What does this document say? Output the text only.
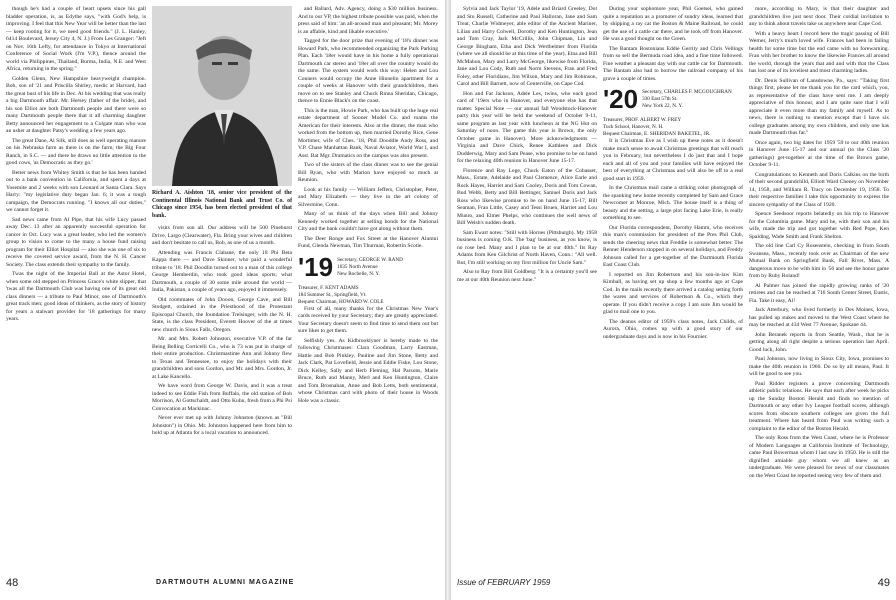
though he's had a couple of heart upsets since his gall bladder operation, is, as Edythe says, "with God's help, is improving. I feel that this New Year will be better than the last — keep rooting for it, we need good friends." (J. L. Hanley, 6414 Boulevard, Jersey City 4, N. J.) From Les Granger: "Jeft on Nov. 16th Lefty, for attendance in Tokyo at International Conference of Social Work (I'm V.P.), thence around the world via Philippines, Thailand, Burma, India, N.E. and West Africa, returning in the spring."

Golden Glenn, New Hampshire heavyweight champion. Bob, son of '21 and Priscilla Shirley, medic at Harvard, had the great bust of his life in Dec. At his wedding that was really a big Dartmouth affair. Mr. Hersey (father of the bride), and his son Elliot are both Dartmouth people and there were so many Dartmouth people there that it all charming daughter Betty announced her engagement to a Colgate man who was an usher at daughter Patsy's wedding a few years ago.

The great Dane, Al Silk, still does as well operating manure on his Nebraska farm as there is on the farm, the Big Four Ranch, in S.C. — and there he draws no little attention to the good cows, 'as Democratic as they go.'

Better news from Whitey Smith is that he has been handed out to a bank convention in California, and spent a days at Yosemite and 2 weeks with son Leonard at Santa Clara. Says Harry: "my legislative duty began Jan. 6; it was a tough campaign, the Democrats running. "I knows all our duties," we cannot forget it.

Sad news came from Al Pipe, that his wife Lucy passed away Dec. 13 after an apparently successful operation for cancer in Oct. Lucy was a great leader, who led the women's group to vision to come to the many a house fund raising program for their Elliot Hospital — also she was one of six to receive the coveted service award, from the N. H. Cancer Society. The class extends their sympathy to the family.

Twas the night of the Imperial Ball at the Astor Hotel, when some old stepped on Princess Grace's white slipper, that 'twas all the Dartmouth Club was having one of its great old class dinners — a tribute to Paul Minor, one of Dartmouth's great track men; good ideas of thinkers, as the story of history for years a stalwart provider for '18 gatherings for many years.

Richard A. Aishton '18, senior vice president of the Continental Illinois National Bank and Trust Co. of Chicago since 1954, has been elected president of that bank.

visits from son all. Our address will be 500 Pinehurst Drive, Largo (Clearwater), Fla. Bring your wives and children and don't besitate to call us, Bob, as one of us a month.

Attending was Francis Clahane, the only 18 Phi Beta Kappa there — and Dave Skinner, who paid a wonderful tribute to '18. Phil Doodlin turned out to a man of this college George Hemberdin, who took good ideas sports; what Dartmouth, a couple of 30 some mile around the world — India, Pakistan, a couple of years ago, enjoyed it immensely.

Old roommates of John Dooon, George Cave, and Bill Stodgett, ordained in the Priesthood of the Protestant Episcopal Church, the foundation Trelsinger, with the N. H. State, is the class President, Everett Hoover of the at times new church in Sioux Falls, Oregon.

Mr. and Mrs. Robert Johnston, executive V.P. of the far Being Belling Corticelli Co., who is 73 was put in charge of their entire production. Christmastime Ann and Johnny flew to Texas and Tennessee, to enjoy the holidays with their grandchildren and sons Gordon, and Mr. and Mrs. Gordon, Jr. at Lake Kancello.

We have word from George W. Davis, and it was a treat indeed to see Eddie Fish from Buffalo, the old station of Bob Morrison, Al Gottschaldt, and Otto Kuhn, fresh from a Phi Psi Convocation at Mackinac.

Never ever met up with Johnny Johnston (known as "Bill Johnston") in Ohio. Mr. Johnston happened here from him to hold up at Atlanta for a local vacation to announced.

and Ballard, Adv. Agency, doing a $30 million business. And to our VP, the highest tribute possible was paid, when the press said of him: 'an all-around man and pleasant; Mr. Morey is an affable, kind and likable executive.'

Tagged for the door prize that evening of '18's dinner was Howard Park, who recommended organizing the Park Parking Plan. Each '18er would have in his home a fully operational Dartmouth car stereo and '18er all over the country would do the same. The system would work this way: Helen and Lou Conners would occupy the Anne Hinnelin apartment for a couple of weeks at Hanover with their grandchildren, then move on to see Stanley and Chuck Rinna Sheridan, Chicago, thence to Ennie Black's on the coast.

This is the man, Howie Park, who has built up the huge real estate department of Sooner Model Co. and roams the American for their interests. Also at the dinner, the man who worked from the bottom up, then married Dorothy Rice, Gene Mortimer, wife of Ches. '18, Phil Dooddle Andy Ross, and V.P. Chase Manhattan Bank, Naval Aviator, World War I, and Asst. Bat Mgr. Dramatics on the campus was also present.

Two of the sisters of the class dinner was to see the genial Bill Ryan, who with Marion have enjoyed so much at Reunion.

Look at his family — William Jeffers, Christopher, Peter, and Mary Elizabeth — they live in the art colony of Silvermine, Conn.

Many of us think of the days when Bill and Johnny Kennedy worked together at selling bonds for the National City and the bank couldn't have got along without them.

The Deer Ronge and Fox Street at the Hanover Alumni Fund, Glenda Newman, Tim Thurman, Robertin Scotie.

'19 Secretary, GEORGE W. RAND
1035 North Avenue
New Rochelle, N. Y.
Treasurer, F. KENT ADAMS
184 Summer St., Springfield, Vt.
Bequest Chairman, HOWARD W. COLE

First of all, many thanks for the Christmas New Year's cards received by your Secretary; they are greatly appreciated. Your Secretary doesn't seem to find time to send them out but sure likes to get them.

Selfishly yes. As Kidbrooklyner is hereby made to the following Christmases: Clara Goodman, Larry Eastman, Hattie and Bob Pinkley, Pauline and Jim Stone, Betty and Jack Clark, Pat Lovefield, Jessie and Eddie Fiske, Lou Stone, Dick Kelley, Sally and Herb Fleming, Hal Parsons, Marie Bruce, Ruth and Manny, Merl and Ken Huntington, Claire and Tom Brosnahan, Anne and Bob Letts, both sentimental, whose Christmas card with photo of their house in Woods Hole was a classic.

48	DARTMOUTH ALUMNI MAGAZINE

Sylvia and Jack Taylor '19, Adele and Briard Greeley, Dot and Stu Russell, Catherine and Paul Halloran, Jane and Sam Treat, Charlie Widmeyer, able editor of the Ancient Mariner, Lilian and Harry Colwell, Dorothy and Ken Huntington, Jean and Tom Cray, Jack McCrillis, John Chipman, Lin and George Bingham, Etha and Dick Werthelmer from Florida (where we all should be at this time of the year), Etna and Bill McMahon, Mary and Larry McGeorge, likewise from Florida, Jane and Lou Cody, Ruth and Norm Stevens, Fran and Fred Foley, other Floridians, Jim Wilson, Mary and Jim Robinson, Carol and Bill Barnett, now of Centerville, on Cape Cod.

Hon and Fat Jackson, Adele Les, twins, who each good card of '19ers who in Hanover, and everyone else has that matter. Special Note — our annual fall Woodstock-Hanover party this year will be held the weekend of October 9-11, same program as last year with luncheon at the NG Hut on Saturday of noon. The game this year is Brown, the only October game in Hanover). More acknowledgments — Virginia and Dave Chick, Renee Kathleen and Dick Dudderwig, Mary and Sam Pease, who promise to be on hand for the relaxing 40th reunion in Hanover June 15-17.

Florence and Ray Lege, Chuck Eaton of the Cobasset, Mass., Estate, Adelaide and Paul Clemence, Alice Earle and Rock Hayes, Harriet and Sam Cooley, Doris and Tom Cowan, Bud Webb, Betty and Bill Bettinger, Samuel Doris and Jack Ross who likewise promise to be on hand June 15-17, Bill Seaman, Fran Little, Casey and Tessi Bruen, Harriet and Lou Munro, and Elmer Phelps, who continues the well news of Bill Welsh's sudden death.

Sam Ewart notes: "Still with Hornes (Pittsburgh). My 1958 business is coming O.K. The 'bag' business, as you know, is no rose bed. Many and I plan to be at our 40th." Its Ray Adams from Ken Gilchrist of North Haven, Conn.: "All well. But, I'm still working on my first million for Uncle Sam."

Also to Ray from Bill Goldberg: "It is a certainty you'll see me at our 40th Reunion next June."

During your sophomore year, Phil Goetsel, who gained quite a reputation as a promoter of sundry ideas, learned that by shipping a ray cat the Boston & Maine Railroad, he could get the use of a cattle car there, and he took off from Hanover. He was a good thought on the Green.

The Bantam Bostonians Eddie Gerrity and Chris Vellings from so sell the Bermuda road idea, and a fine time followed. Fine weather a pleasant day with our cattle car for Dartmouth. The Bantam also had to borrow the railroad company of his grave a couple of times.

'20 Secretary, CHARLES F. MCGOUGHRAN
330 East 57th St.
New York 22, N. Y.
Treasurer, PROF. ALBERT W. FREY
Tuck School, Hanover, N. H.
Bequest Chairman, E. SHERIDAN BAKETEL, JR.

It is Christmas Eve as I wish up these notes as it doesn't make much sense to await Christmas greetings that will reach you in February, but nevertheless I do just that and I hope each and all of you and your families will have enjoyed the best of everything at Christmas and will also be off to a real good start in 1959.

In the Christmas mail came a striking color photograph of the spanking new home recently completed by Sam and Grace Newcomer at Monroe, Mich. The house itself is a thing of beauty and the setting, a large plot facing Lake Erie, is really something to see.

Our Florida correspondent, Dorothy Hamm, who receives this man's commission for president of the Pres Phil Club, sends the cheering news that Freddie is somewhat better. The Renner Henderson stopped in on several holidays, and Freddy Johnson called for a get-together of the Dartmouth Florida East Coast Club.

I reported on Jim Robertson and his son-in-law Kim Kimball, as having set up shop a few months ago at Cape Cod. In the mails recently there arrived a catalog setting forth the wares and services of Robertson & Co., which they operate. If you didn't receive a copy I am sure Jim would be glad to mail one to you.

The deanus editor of 1959's class notes, Jack Childs, of Aurora, Ohio, comes up with a good story of our undergraduate days and is now in his Fournier.

more, according to Mary, is that their daughter and grandchildren live just next door. Their cordial invitation to any to think about travels take us anywhere near Cape Cod.

With a heavy heart I record here the tragic passing of Bill Werner, Jerry's much loved wife. Frances had been in failing health for some time but the end came with no forewarning. Fran with her brother to know the likewise Frances all around the world, through the years that and and with that the Class has lost one of its loveliest and most charming ladies.

Dr. Denis Sullivan of Lansdowne, Pa., says: "Taking first things first, please let me thank you for the card which, you, as representative of the class have sent me. I am deeply appreciative of this honour, and I am quite sure that I will appreciate it even more than my family and myself. As to news, there is nothing to mention except that I have six college graduates among my own children, and only one has made Dartmouth thus far."

Once again, two big dates for 1959 '59 to our 40th reunion in Hanover June 15-17 and our annual (to the Class '20 gatherings) get-together at the time of the Brown game, October 9-11.

Congratulations to Kenneth and Doris Calkins on the birth of their second grandchild, Elliott Ward Cheney on November 14, 1958, and William R. Tracy on December 19, 1958. To their respective families I take this opportunity to express the sincere sympathy of the Class of 1920.

Spence Seedsoor reports belatedly on his trip to Hanover for the Columbia game. Mary and he, with their son and his wife, made the trip and got together with Red Pope, Ken Spalding, Wade Smith and Frank Shelton.

The old line Carl Cy Rosenstein, checking in from South Swansea, Mass., recently took over as Chairman of the new Mutual Bank on Springfield Bank, Fall River, Mass. A dangerous move to be with him in '56 and see the honor game from by Ruby Roland!

Al Palmer has joined the rapidly growing ranks of '20 retirees and can be reached at 716 South Center Street, Eustis, Fla. Take it easy, Al!

Jack Atterbury, who lived formerly in Des Moines, Iowa, has pulled up stakes and moved to the West Coast where he may be reached at 434 West 77 Avenue, Spokane 44.

John Beranek reports in from Seattle, Wash., that he is getting along all right despite a serious operation last April. Good luck, John.

Paul Johnson, now living in Sioux City, Iowa, promises to make the 40th reunion in 1960. Do so by all means, Paul. It will be good to see you.

Paul Ridder registers a prove concerning Dartmouth athletic public relations. He says that each after week he picks up the Sunday Boston Herald and finds no mention of Dartmouth or any other Ivy League football scores, although scores from obscure southern colleges are given the full treatment. Where has heard from Paul was writing such a complaint to the editor of the Boston Herald.

The only Ross from the West Coast, where he is Professor of Modern Languages at California Institute of Technology, came Paul Bowerman whom I last saw in 1950. He is still the dignified amiable guy whom we all knew as an undergraduate. We were pleased for news of our classmates on the West Coast he reported seeing very few of them and

Issue of FEBRUARY 1959	49
